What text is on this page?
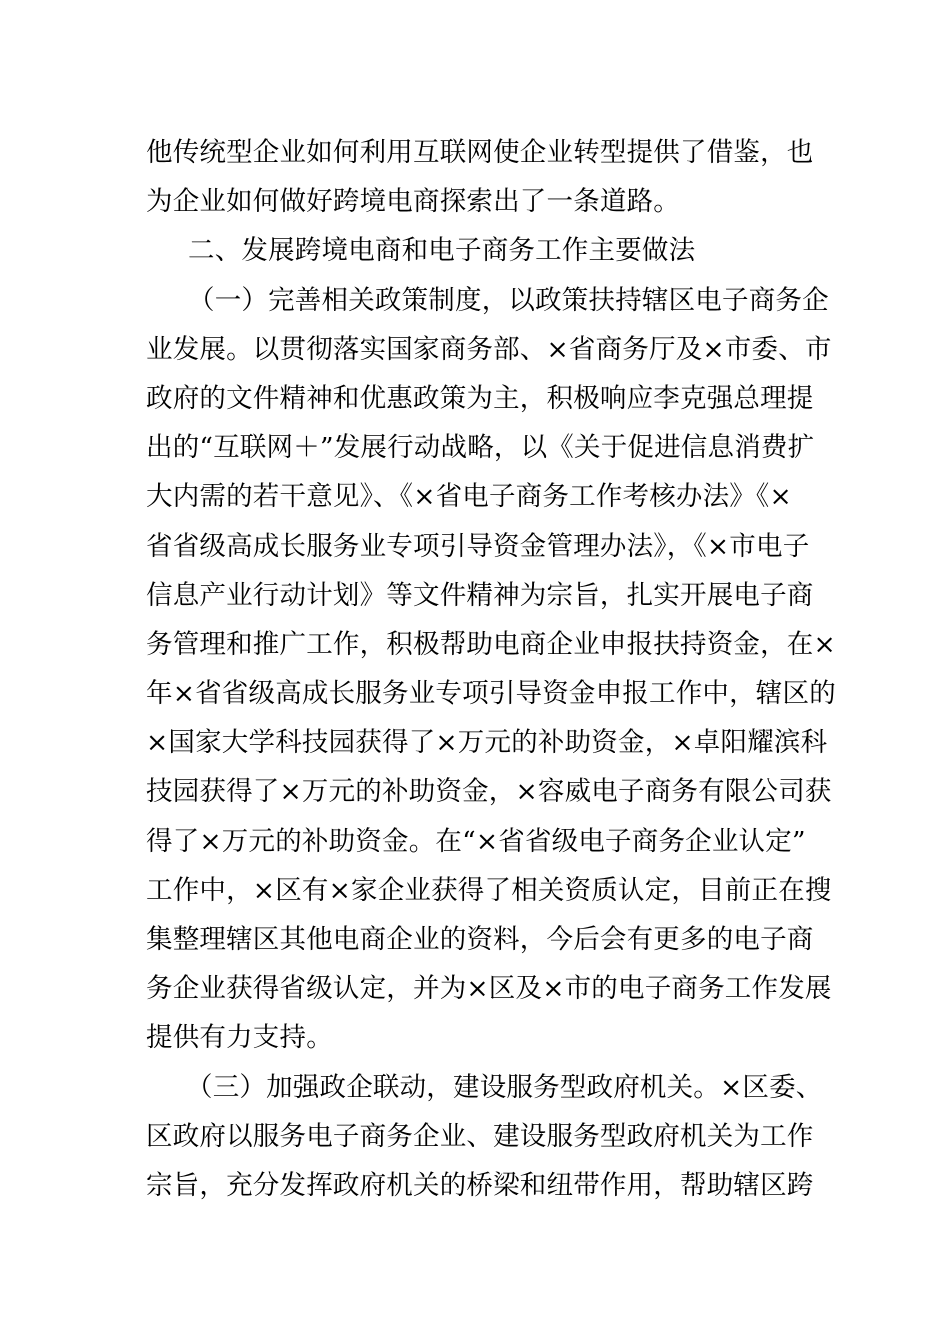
他传统型企业如何利用互联网使企业转型提供了借鉴，也
为企业如何做好跨境电商探索出了一条道路。
二、发展跨境电商和电子商务工作主要做法
（一）完善相关政策制度，以政策扶持辖区电子商务企
业发展。以贯彻落实国家商务部、×省商务厅及×市委、市
政府的文件精神和优惠政策为主，积极响应李克强总理提
出的“互联网＋”发展行动战略，以《关于促进信息消费扩
大内需的若干意见》、《×省电子商务工作考核办法》《×
省省级高成长服务业专项引导资金管理办法》，《×市电子
信息产业行动计划》等文件精神为宗旨，扎实开展电子商
务管理和推广工作，积极帮助电商企业申报扶持资金，在×
年×省省级高成长服务业专项引导资金申报工作中，辖区的
×国家大学科技园获得了×万元的补助资金，×卓阳耀滨科
技园获得了×万元的补助资金，×容威电子商务有限公司获
得了×万元的补助资金。在“×省省级电子商务企业认定”
工作中，×区有×家企业获得了相关资质认定，目前正在搜
集整理辖区其他电商企业的资料，今后会有更多的电子商
务企业获得省级认定，并为×区及×市的电子商务工作发展
提供有力支持。
（三）加强政企联动，建设服务型政府机关。×区委、
区政府以服务电子商务企业、建设服务型政府机关为工作
宗旨，充分发挥政府机关的桥梁和纽带作用，帮助辖区跨
